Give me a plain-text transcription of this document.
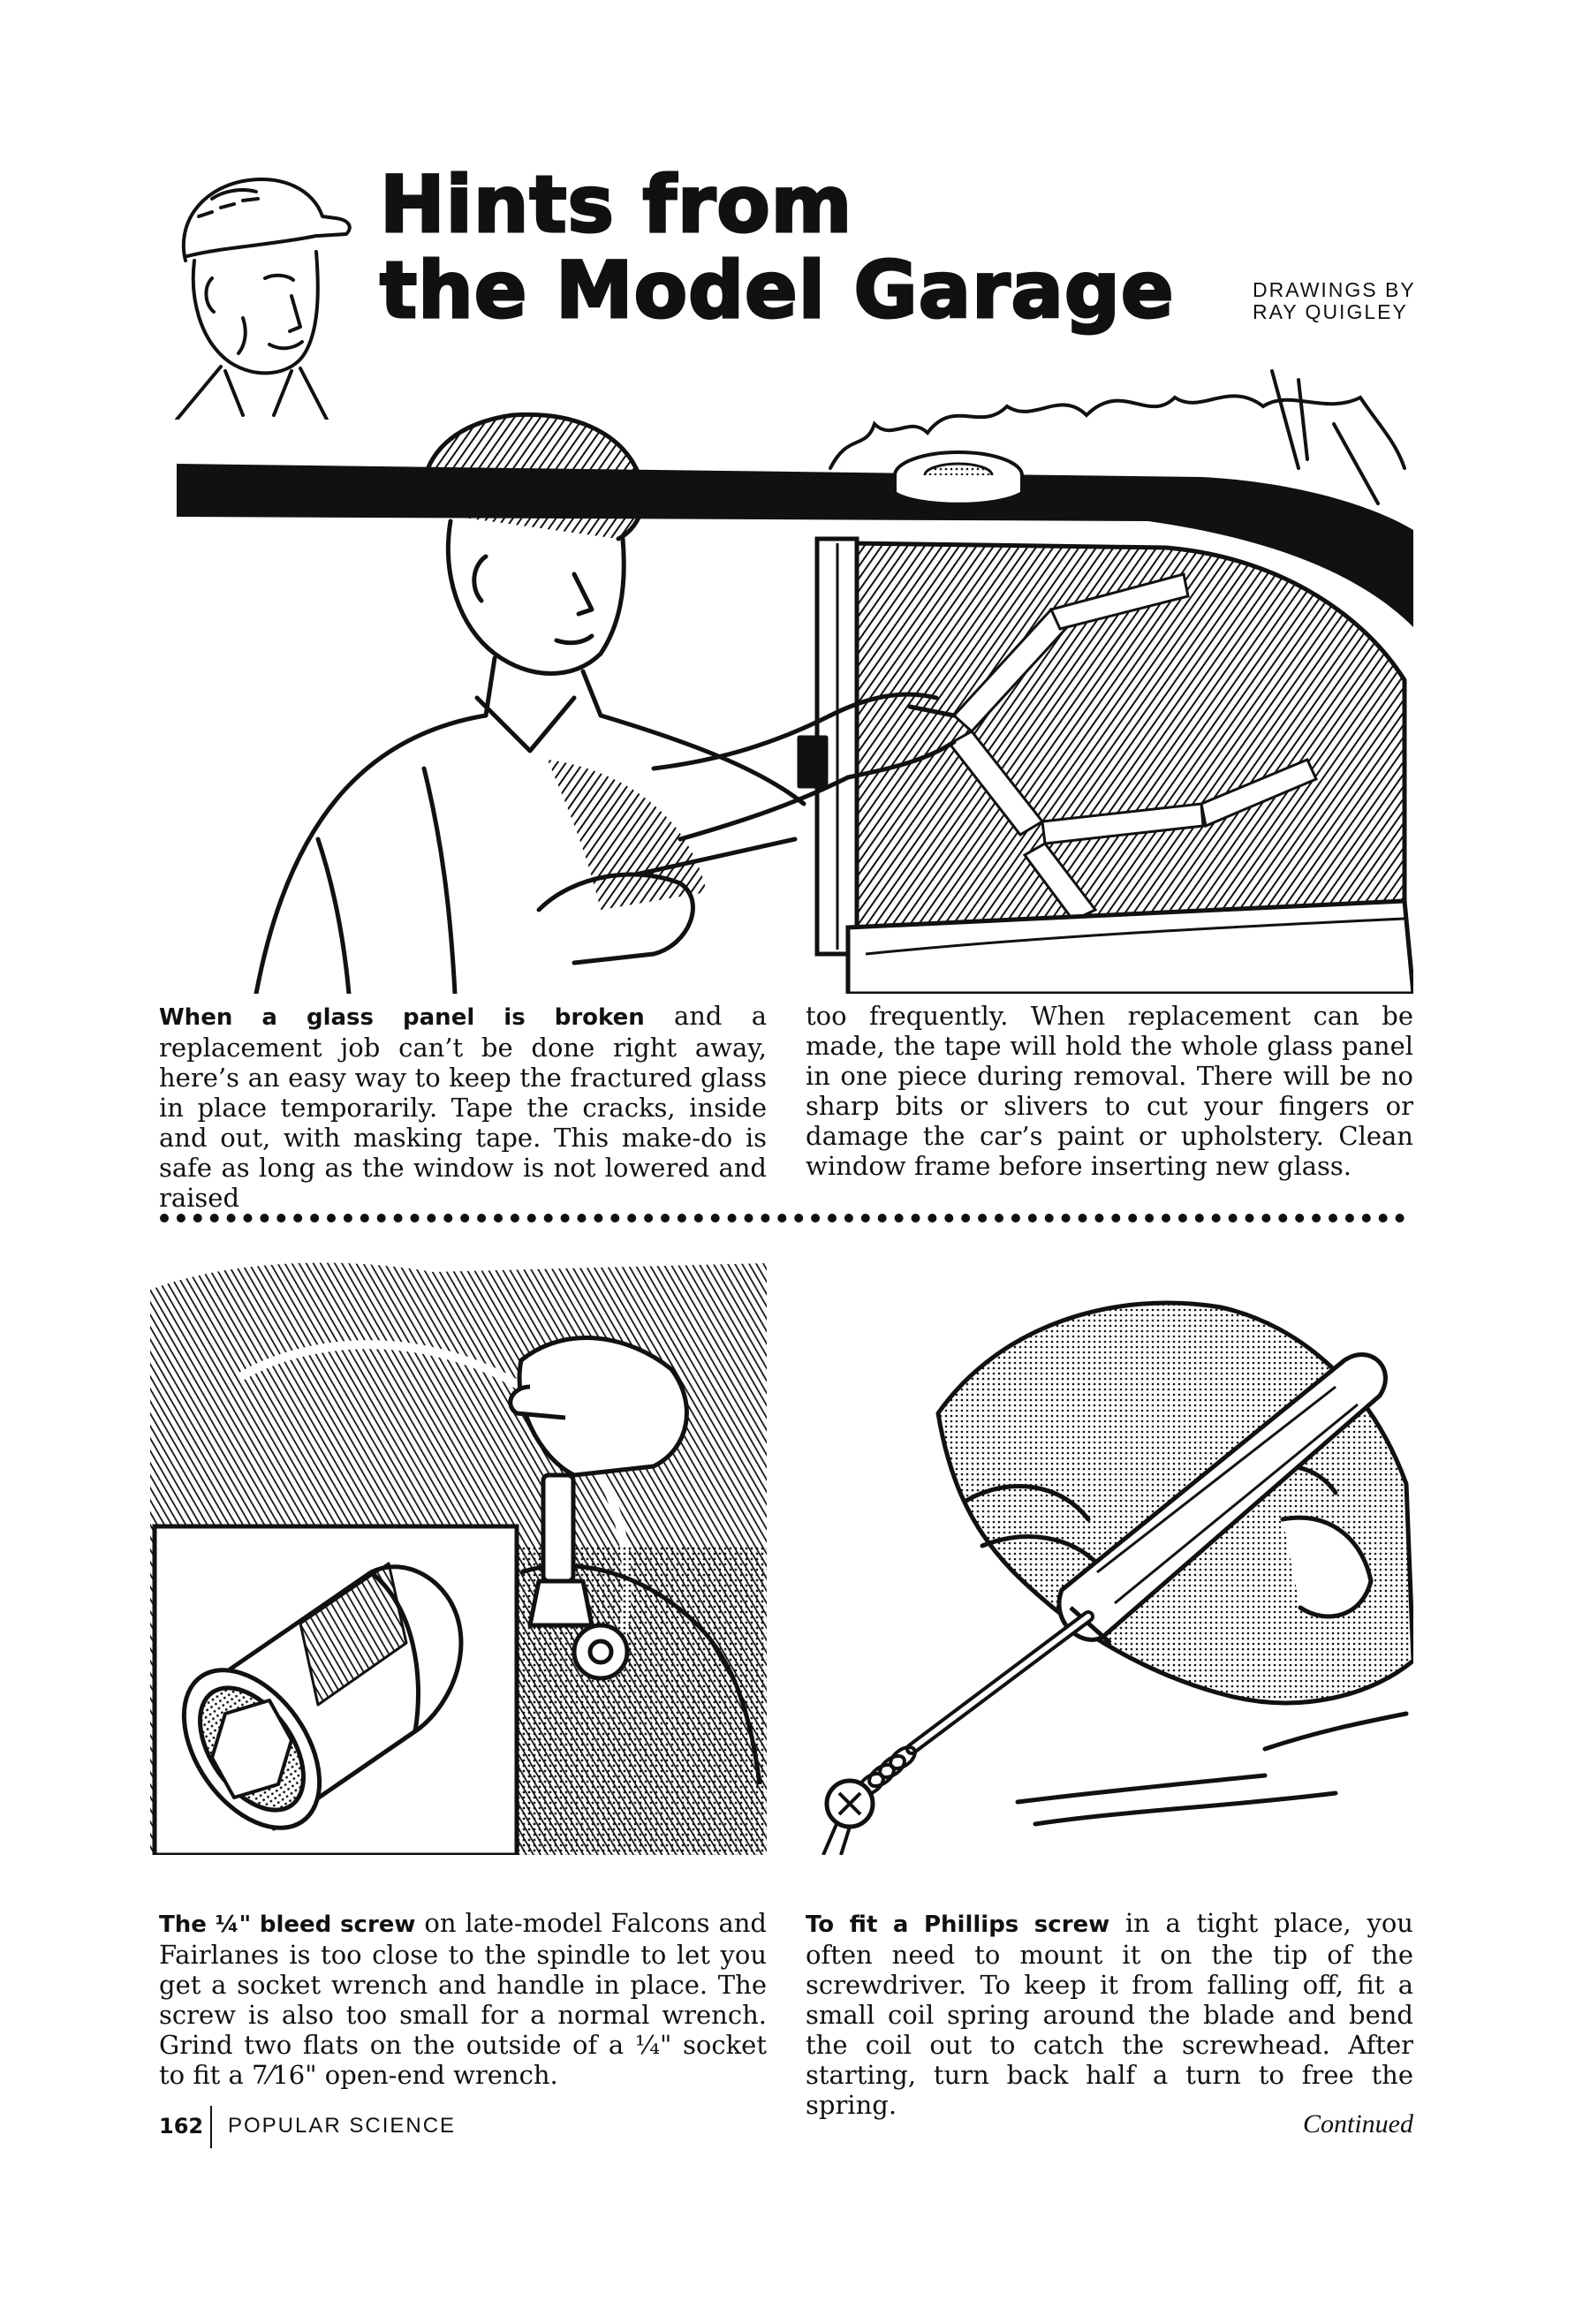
Hints from
the Model Garage	DRAWINGS BY
RAY QUIGLEY
When a glass panel is broken and a replacement job can’t be done right away, here’s an easy way to keep the fractured glass in place temporarily. Tape the cracks, inside and out, with masking tape. This make-do is safe as long as the window is not lowered and raised
too frequently. When replacement can be made, the tape will hold the whole glass panel in one piece during removal. There will be no sharp bits or slivers to cut your fingers or damage the car’s paint or upholstery. Clean window frame before inserting new glass.
The ¼" bleed screw on late-model Falcons and Fairlanes is too close to the spindle to let you get a socket wrench and handle in place. The screw is also too small for a normal wrench. Grind two flats on the outside of a ¼" socket to fit a 7⁄16" open-end wrench.
To fit a Phillips screw in a tight place, you often need to mount it on the tip of the screwdriver. To keep it from falling off, fit a small coil spring around the blade and bend the coil out to catch the screwhead. After starting, turn back half a turn to free the spring.
162 POPULAR SCIENCE	Continued
